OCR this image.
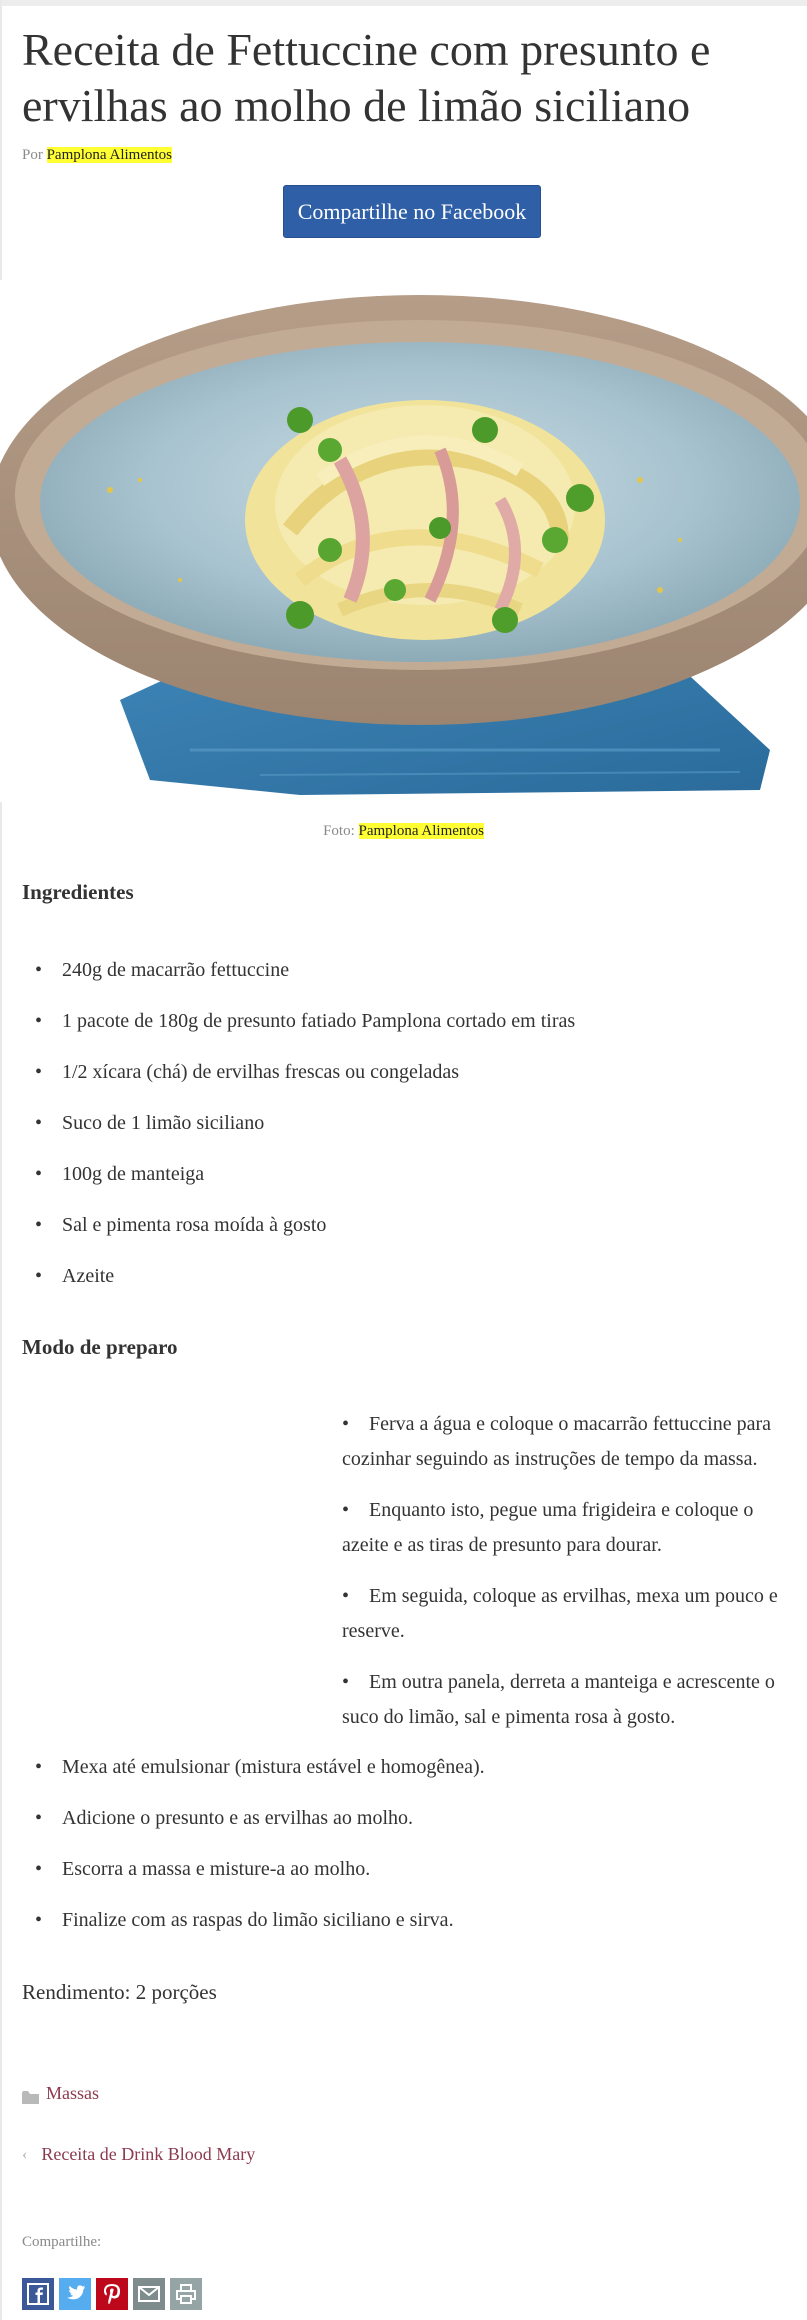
Receita de Fettuccine com presunto e ervilhas ao molho de limão siciliano
Por Pamplona Alimentos
Compartilhe no Facebook
Foto: Pamplona Alimentos
Ingredientes
• 240g de macarrão fettuccine
• 1 pacote de 180g de presunto fatiado Pamplona cortado em tiras
• 1/2 xícara (chá) de ervilhas frescas ou congeladas
• Suco de 1 limão siciliano
• 100g de manteiga
• Sal e pimenta rosa moída à gosto
• Azeite
Modo de preparo
• Ferva a água e coloque o macarrão fettuccine para cozinhar seguindo as instruções de tempo da massa.
• Enquanto isto, pegue uma frigideira e coloque o azeite e as tiras de presunto para dourar.
• Em seguida, coloque as ervilhas, mexa um pouco e reserve.
• Em outra panela, derreta a manteiga e acrescente o suco do limão, sal e pimenta rosa à gosto.
• Mexa até emulsionar (mistura estável e homogênea).
• Adicione o presunto e as ervilhas ao molho.
• Escorra a massa e misture-a ao molho.
• Finalize com as raspas do limão siciliano e sirva.
Rendimento: 2 porções
Massas
‹ Receita de Drink Blood Mary
Compartilhe:
